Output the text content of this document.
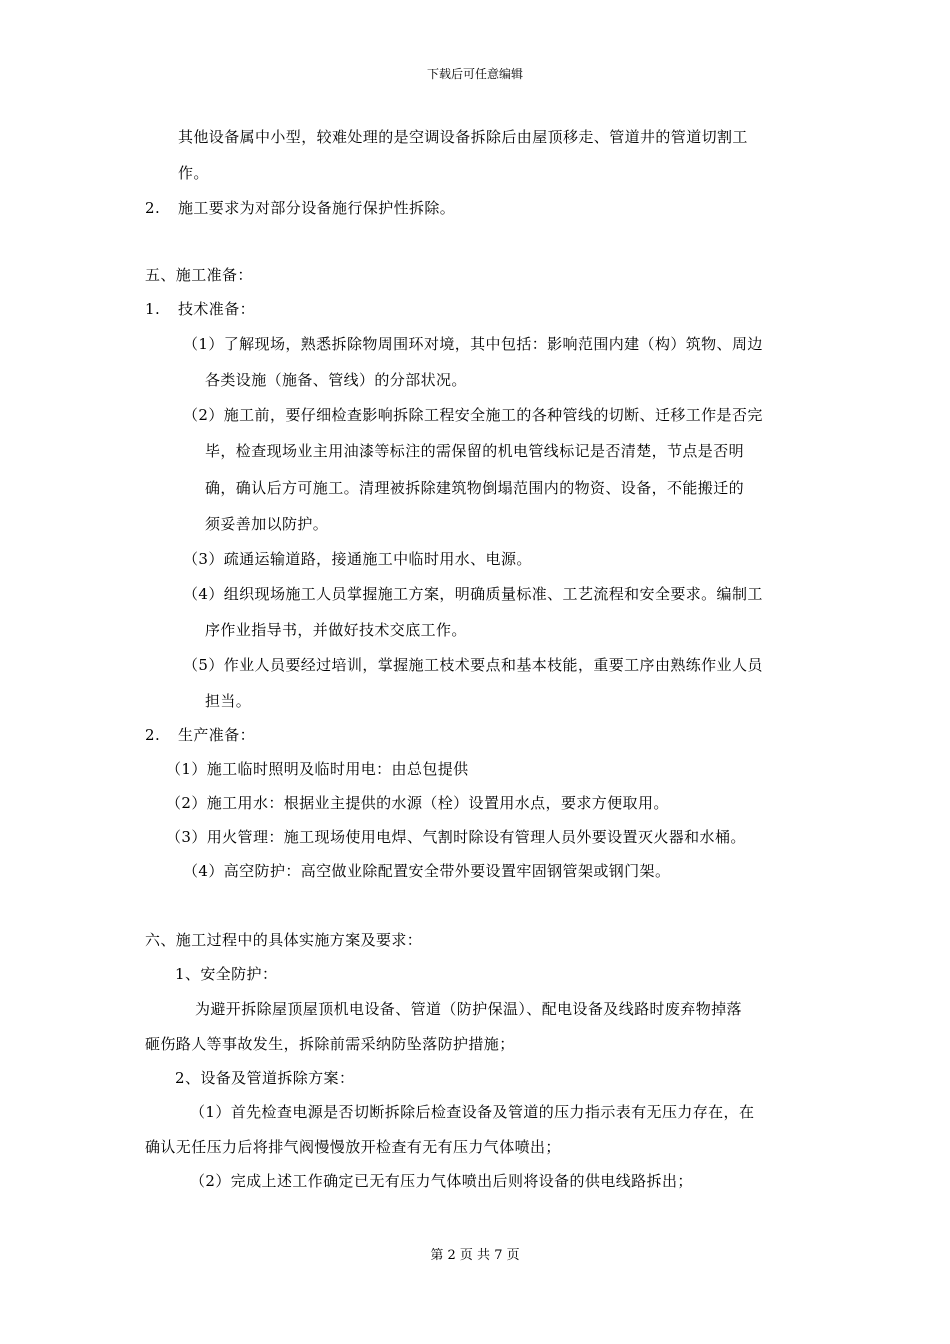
下载后可任意编辑
其他设备属中小型，较难处理的是空调设备拆除后由屋顶移走、管道井的管道切割工
作。
2. 施工要求为对部分设备施行保护性拆除。
五、施工准备：
1. 技术准备：
（1）了解现场，熟悉拆除物周围环对境，其中包括：影响范围内建（构）筑物、周边
各类设施（施备、管线）的分部状况。
（2）施工前，要仔细检查影响拆除工程安全施工的各种管线的切断、迁移工作是否完
毕，检查现场业主用油漆等标注的需保留的机电管线标记是否清楚，节点是否明
确，确认后方可施工。清理被拆除建筑物倒塌范围内的物资、设备，不能搬迁的
须妥善加以防护。
（3）疏通运输道路，接通施工中临时用水、电源。
（4）组织现场施工人员掌握施工方案，明确质量标准、工艺流程和安全要求。编制工
序作业指导书，并做好技术交底工作。
（5）作业人员要经过培训，掌握施工枝术要点和基本枝能，重要工序由熟练作业人员
担当。
2. 生产准备：
（1）施工临时照明及临时用电：由总包提供
（2）施工用水：根据业主提供的水源（栓）设置用水点，要求方便取用。
（3）用火管理：施工现场使用电焊、气割时除设有管理人员外要设置灭火器和水桶。
（4）高空防护：高空做业除配置安全带外要设置牢固钢管架或钢门架。
六、施工过程中的具体实施方案及要求：
1、安全防护：
为避开拆除屋顶屋顶机电设备、管道（防护保温）、配电设备及线路时废弃物掉落
砸伤路人等事故发生，拆除前需采纳防坠落防护措施；
2、设备及管道拆除方案：
（1）首先检查电源是否切断拆除后检查设备及管道的压力指示表有无压力存在，在
确认无任压力后将排气阀慢慢放开检查有无有压力气体喷出；
（2）完成上述工作确定已无有压力气体喷出后则将设备的供电线路拆出；
第 2 页 共 7 页
